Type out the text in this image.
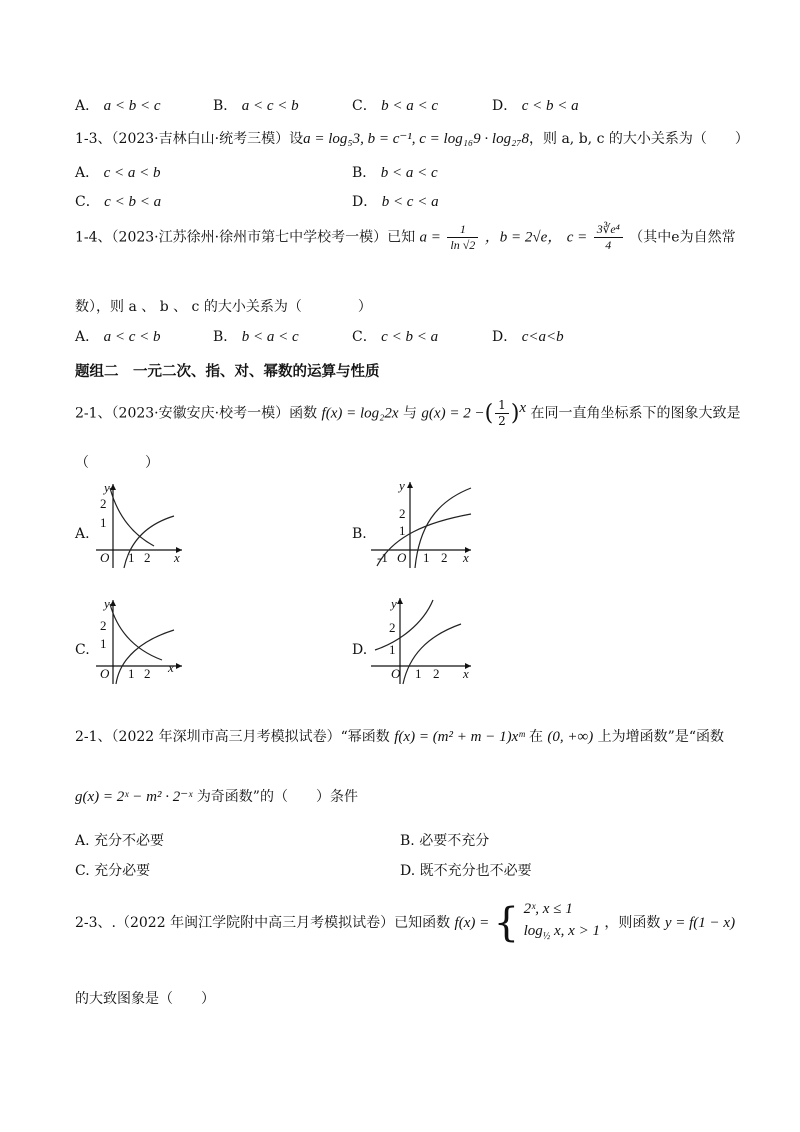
A． a < b < c	B． a < c < b	C． b < a < c	D． c < b < a
1-3、（2023·吉林白山·统考三模）设a = log₅3, b = c⁻¹, c = log₁₆9 · log₂₇8，则 a, b, c 的大小关系为（　　）
A． c < a < b	B． b < a < c
C． c < b < a	D． b < c < a
1-4、（2023·江苏徐州·徐州市第七中学校考一模）已知 $a = \frac{1}{\ln √2}$ ，b = 2√e， $c = \frac{\text{3∛e⁴}}{4}$ （其中e为自然常
数），则 a 、 b 、 c 的大小关系为（　　　　）
A． a < c < b	B． b < a < c	C． c < b < a	D． c<a<b
题组二　一元二次、指、对、幂数的运算与性质
2-1、（2023·安徽安庆·校考一模）函数 f(x) = log₂2x 与 g(x) = 2 −( $\frac{1}{2} )^x$ 在同一直角坐标系下的图象大致是
（　　　　）
A.
2
1
O 1 2 x
y
B.
y
2
1
-1 O 1 2 x
C.
y
2
1
O 1 2 x
D.
y
2
1
O 1 2 x
2-1、（2022 年深圳市高三月考模拟试卷）“幂函数 f(x) = (m² + m − 1)xᵐ 在 (0, +∞) 上为增函数”是“函数
g(x) = 2ˣ − m² · 2⁻ˣ 为奇函数”的（　　）条件
A. 充分不必要	B. 必要不充分
C. 充分必要	D. 既不充分也不必要
2-3、.（2022 年闽江学院附中高三月考模拟试卷）已知函数 f(x) = { 2ˣ, x ≤ 1
$\log_{\frac{1}{2}} x$, x > 1 ，则函数 y = f(1 − x)
的大致图象是（　　）
